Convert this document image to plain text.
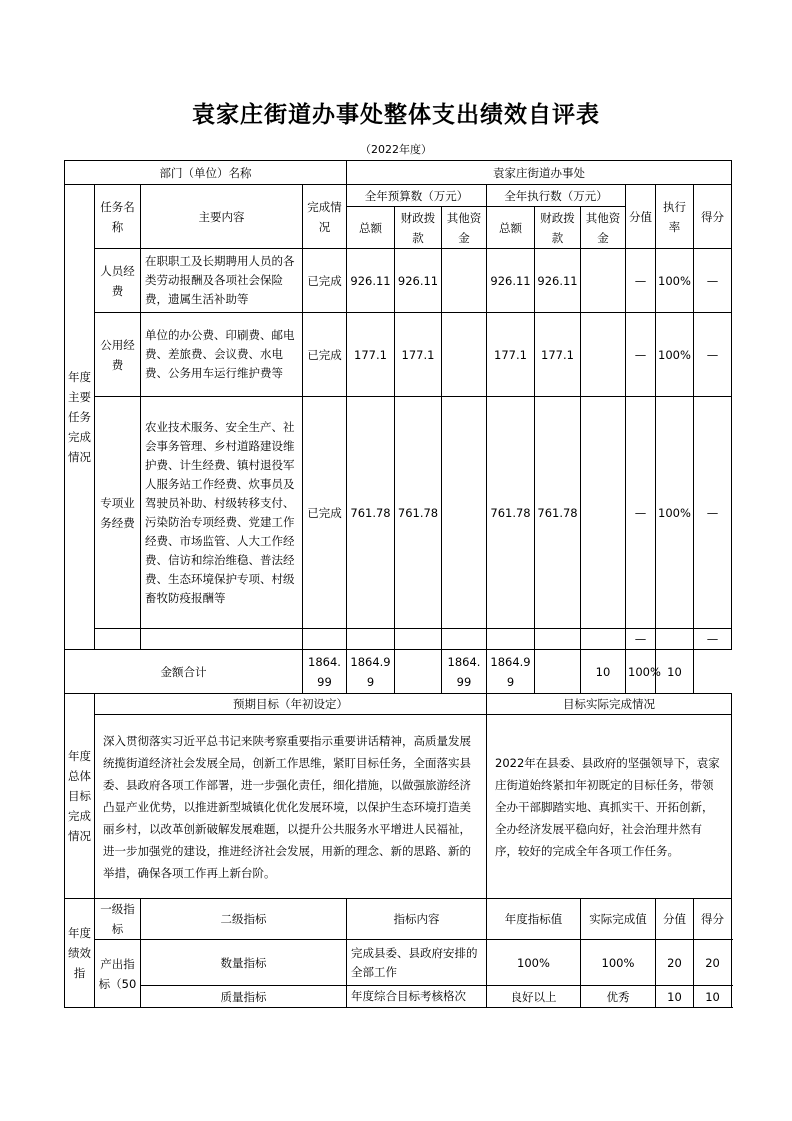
袁家庄街道办事处整体支出绩效自评表
（2022年度）
部门（单位）名称				袁家庄街道办事处								
年度主要任务完成情况	任务名称	主要内容	完成情况	全年预算数（万元）			全年执行数（万元）			分值	执行率	得分
				总额	财政拨款	其他资金	总额	财政拨款	其他资金			
	人员经费	在职职工及长期聘用人员的各类劳动报酬及各项社会保险费，遗属生活补助等	已完成	926.11	926.11		926.11	926.11		—	100%	—
	公用经费	单位的办公费、印刷费、邮电费、差旅费、会议费、水电费、公务用车运行维护费等	已完成	177.1	177.1		177.1	177.1		—	100%	—
	专项业务经费	农业技术服务、安全生产、社会事务管理、乡村道路建设维护费、计生经费、镇村退役军人服务站工作经费、炊事员及驾驶员补助、村级转移支付、污染防治专项经费、党建工作经费、市场监管、人大工作经费、信访和综治维稳、普法经费、生态环境保护专项、村级畜牧防疫报酬等	已完成	761.78	761.78		761.78	761.78		—	100%	—
										—		—
金额合计			1864.99	1864.99		1864.99	1864.99		10	100%	10	
年度总体目标完成情况	预期目标（年初设定）						目标实际完成情况					
	深入贯彻落实习近平总书记来陕考察重要指示重要讲话精神，高质量发展统揽街道经济社会发展全局，创新工作思维，紧盯目标任务，全面落实县委、县政府各项工作部署，进一步强化责任，细化措施，以做强旅游经济凸显产业优势，以推进新型城镇化优化发展环境，以保护生态环境打造美丽乡村，以改革创新破解发展难题，以提升公共服务水平增进人民福祉，进一步加强党的建设，推进经济社会发展，用新的理念、新的思路、新的举措，确保各项工作再上新台阶。						2022年在县委、县政府的坚强领导下，袁家庄街道始终紧扣年初既定的目标任务，带领全办干部脚踏实地、真抓实干、开拓创新，全办经济发展平稳向好，社会治理井然有序，较好的完成全年各项工作任务。					
年度绩效指	一级指标	二级指标		指标内容			年度指标值		实际完成值		分值	得分
	产出指标（50	数量指标		完成县委、县政府安排的全部工作			100%		100%		20	20
		质量指标		年度综合目标考核格次			良好以上		优秀		10	10
